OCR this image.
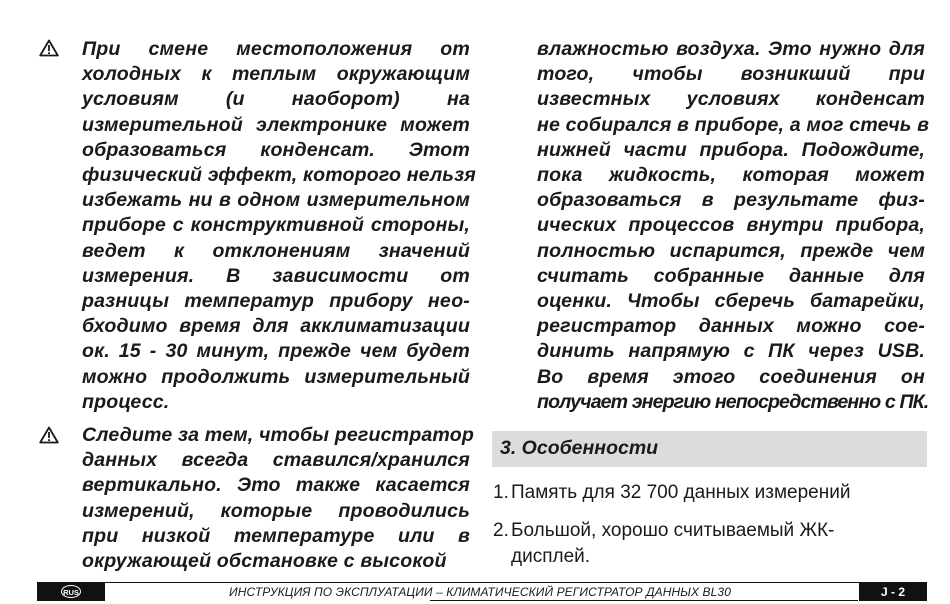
При смене местоположения от
холодных к теплым окружающим
условиям (и наоборот) на
измерительной электронике может
образоваться конденсат. Этот
физический эффект, которого нельзя
избежать ни в одном измерительном
приборе с конструктивной стороны,
ведет к отклонениям значений
измерения. В зависимости от
разницы температур прибору нео-
бходимо время для акклиматизации
ок. 15 - 30 минут, прежде чем будет
можно продолжить измерительный
процесс.
Следите за тем, чтобы регистратор
данных всегда ставился/хранился
вертикально. Это также касается
измерений, которые проводились
при низкой температуре или в
окружающей обстановке с высокой
влажностью воздуха. Это нужно для
того, чтобы возникший при
известных условиях конденсат
не собирался в приборе, а мог стечь в
нижней части прибора. Подождите,
пока жидкость, которая может
образоваться в результате физ-
ических процессов внутри прибора,
полностью испарится, прежде чем
считать собранные данные для
оценки. Чтобы сберечь батарейки,
регистратор данных можно сое-
динить напрямую с ПК через USB.
Во время этого соединения он
получает энергию непосредственно с ПК.
3. Особенности
1. Память для 32 700 данных измерений
2. Большой, хорошо считываемый ЖК-
дисплей.
RUS	ИНСТРУКЦИЯ ПО ЭКСПЛУАТАЦИИ – КЛИМАТИЧЕСКИЙ РЕГИСТРАТОР ДАННЫХ BL30	J - 2
